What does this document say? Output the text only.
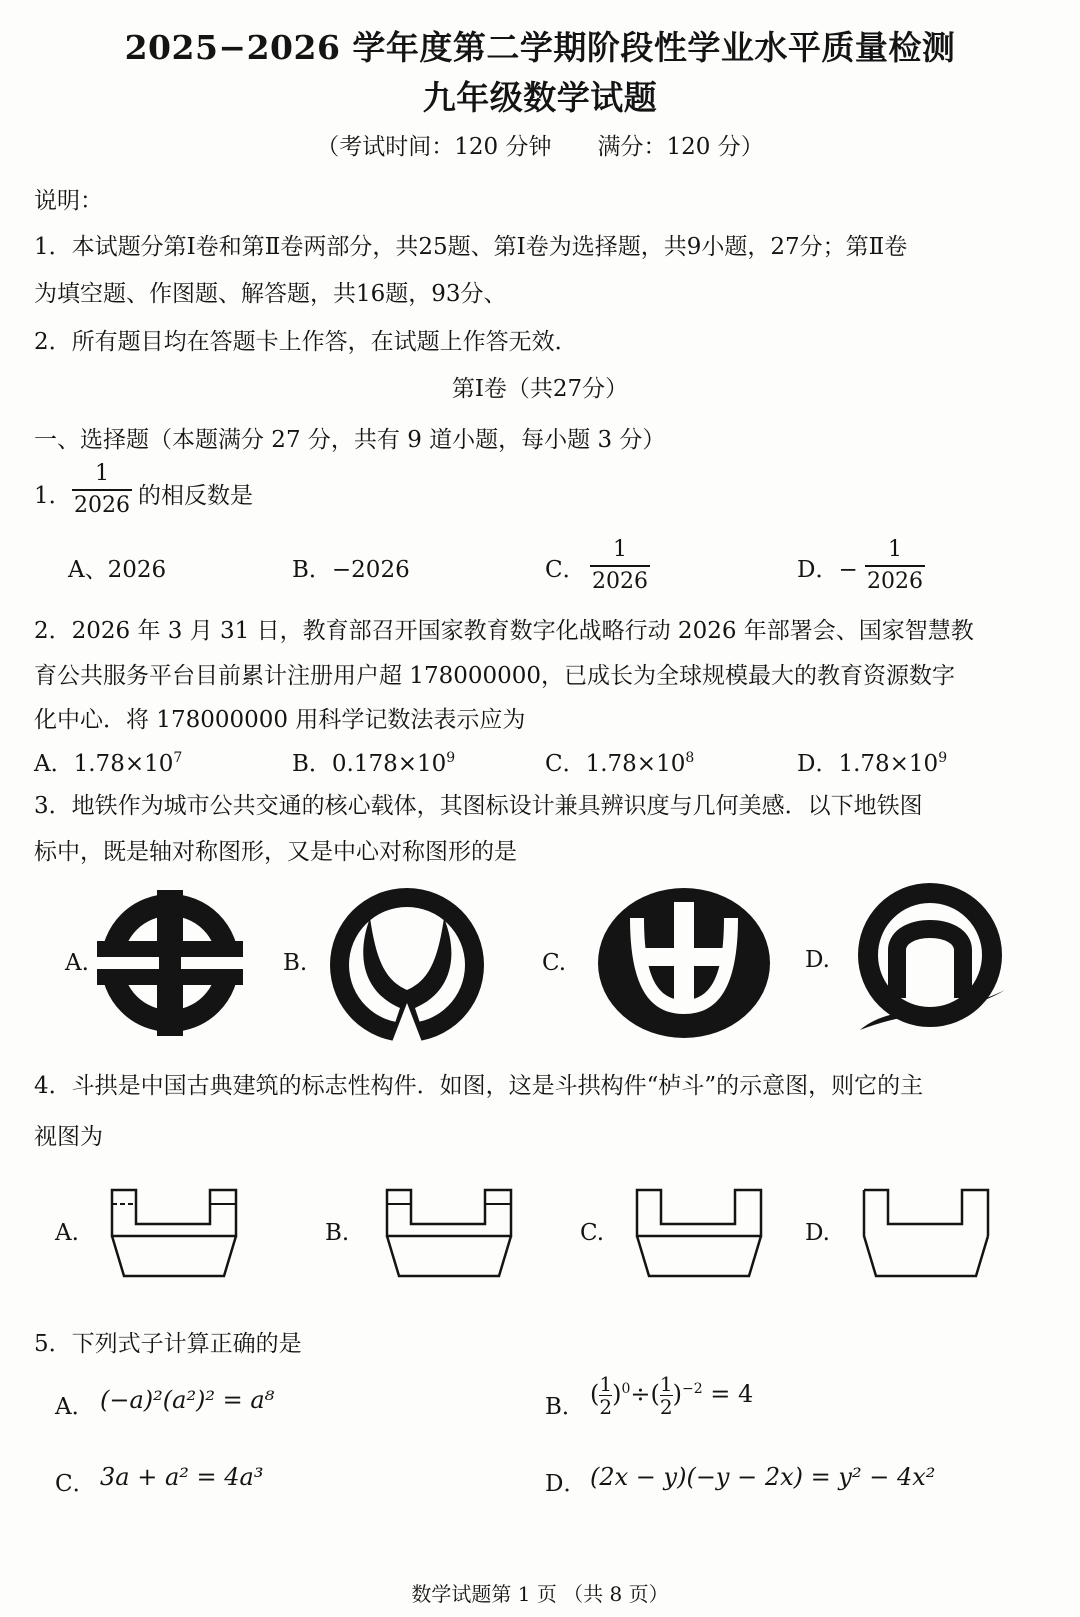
2025−2026 学年度第二学期阶段性学业水平质量检测
九年级数学试题
（考试时间：120 分钟　　满分：120 分）
说明：
1．本试题分第Ⅰ卷和第Ⅱ卷两部分，共25题、第Ⅰ卷为选择题，共9小题，27分；第Ⅱ卷
为填空题、作图题、解答题，共16题，93分、
2．所有题目均在答题卡上作答，在试题上作答无效．
第Ⅰ卷（共27分）
一、选择题（本题满分 27 分，共有 9 道小题，每小题 3 分）
1．
1
2026 的相反数是
A、2026	B．−2026	C．
1
2026	D．−
1
2026
2．2026 年 3 月 31 日，教育部召开国家教育数字化战略行动 2026 年部署会、国家智慧教
育公共服务平台目前累计注册用户超 178000000，已成长为全球规模最大的教育资源数字
化中心．将 178000000 用科学记数法表示应为
A．$1.78\times 10^7$	B．$0.178\times 10^9$	C．$1.78\times 10^8$	D．$1.78\times 10^9$
3．地铁作为城市公共交通的核心载体，其图标设计兼具辨识度与几何美感．以下地铁图
标中，既是轴对称图形，又是中心对称图形的是
A.	B.	C.	D.
4．斗拱是中国古典建筑的标志性构件．如图，这是斗拱构件“栌斗”的示意图，则它的主
视图为
A.	B.	C.	D.
5．下列式子计算正确的是
A． (−a)²(a²)² = a⁸	B． $(\frac{1}{2})^0\div(\frac{1}{2})^{-2} = 4$
C． 3a + a² = 4a³	D． (2x − y)(−y − 2x) = y² − 4x²
数学试题第 1 页 （共 8 页）
